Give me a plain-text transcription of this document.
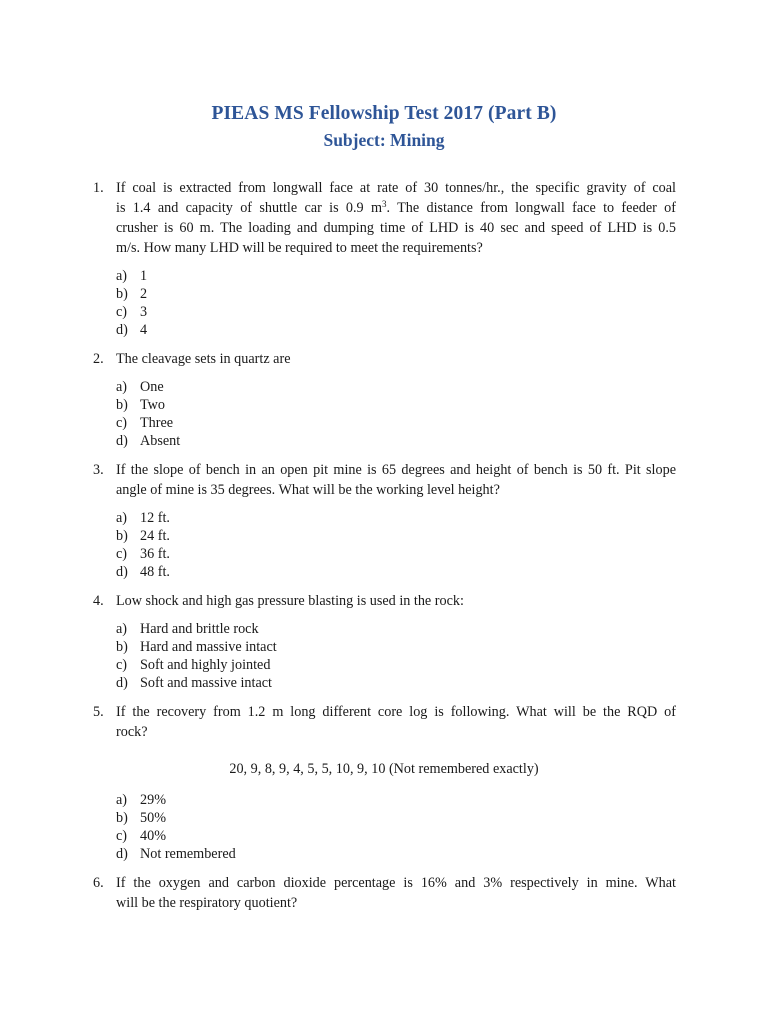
PIEAS MS Fellowship Test 2017 (Part B)
Subject: Mining
1. If coal is extracted from longwall face at rate of 30 tonnes/hr., the specific gravity of coal
is 1.4 and capacity of shuttle car is 0.9 $m^3$. The distance from longwall face to feeder of
crusher is 60 m. The loading and dumping time of LHD is 40 sec and speed of LHD is 0.5
m/s. How many LHD will be required to meet the requirements?
a) 1
b) 2
c) 3
d) 4
2. The cleavage sets in quartz are
a) One
b) Two
c) Three
d) Absent
3. If the slope of bench in an open pit mine is 65 degrees and height of bench is 50 ft. Pit slope
angle of mine is 35 degrees. What will be the working level height?
a) 12 ft.
b) 24 ft.
c) 36 ft.
d) 48 ft.
4. Low shock and high gas pressure blasting is used in the rock:
a) Hard and brittle rock
b) Hard and massive intact
c) Soft and highly jointed
d) Soft and massive intact
5. If the recovery from 1.2 m long different core log is following. What will be the RQD of
rock?
20, 9, 8, 9, 4, 5, 5, 10, 9, 10 (Not remembered exactly)
a) 29%
b) 50%
c) 40%
d) Not remembered
6. If the oxygen and carbon dioxide percentage is 16% and 3% respectively in mine. What
will be the respiratory quotient?
